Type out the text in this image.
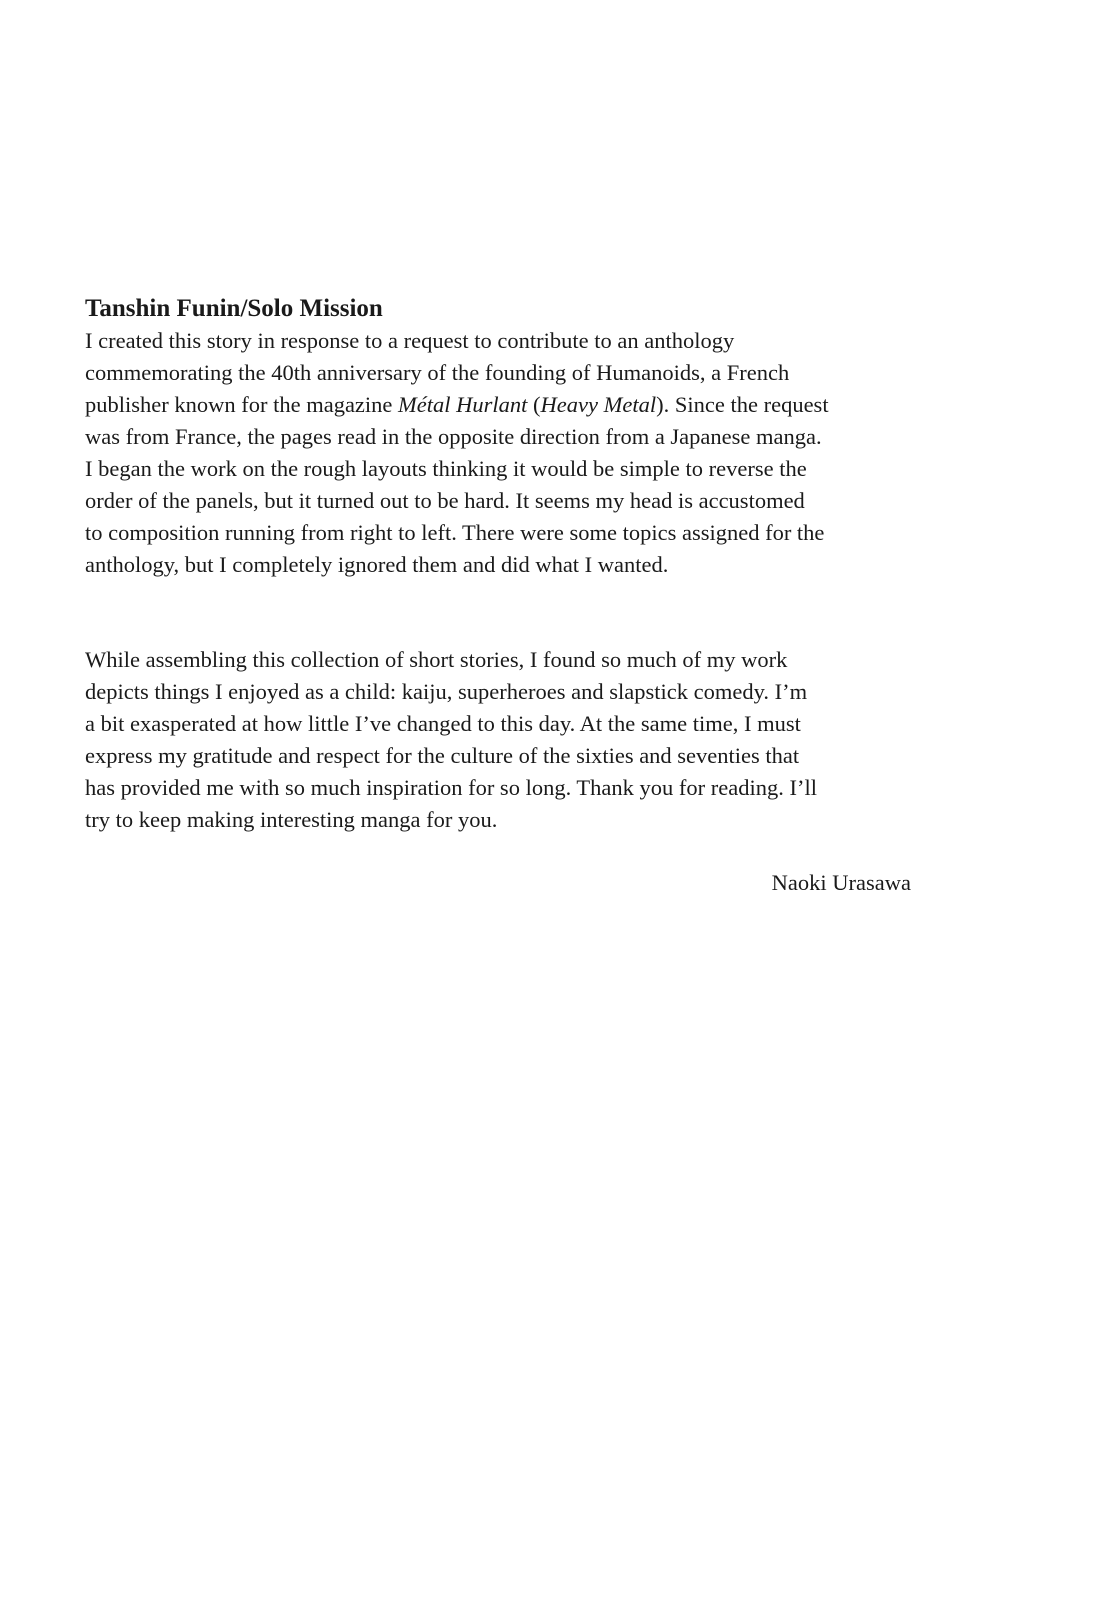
Tanshin Funin/Solo Mission

I created this story in response to a request to contribute to an anthology
commemorating the 40th anniversary of the founding of Humanoids, a French
publisher known for the magazine Métal Hurlant (Heavy Metal). Since the request
was from France, the pages read in the opposite direction from a Japanese manga.
I began the work on the rough layouts thinking it would be simple to reverse the
order of the panels, but it turned out to be hard. It seems my head is accustomed
to composition running from right to left. There were some topics assigned for the
anthology, but I completely ignored them and did what I wanted.

While assembling this collection of short stories, I found so much of my work
depicts things I enjoyed as a child: kaiju, superheroes and slapstick comedy. I’m
a bit exasperated at how little I’ve changed to this day. At the same time, I must
express my gratitude and respect for the culture of the sixties and seventies that
has provided me with so much inspiration for so long. Thank you for reading. I’ll
try to keep making interesting manga for you.

Naoki Urasawa
